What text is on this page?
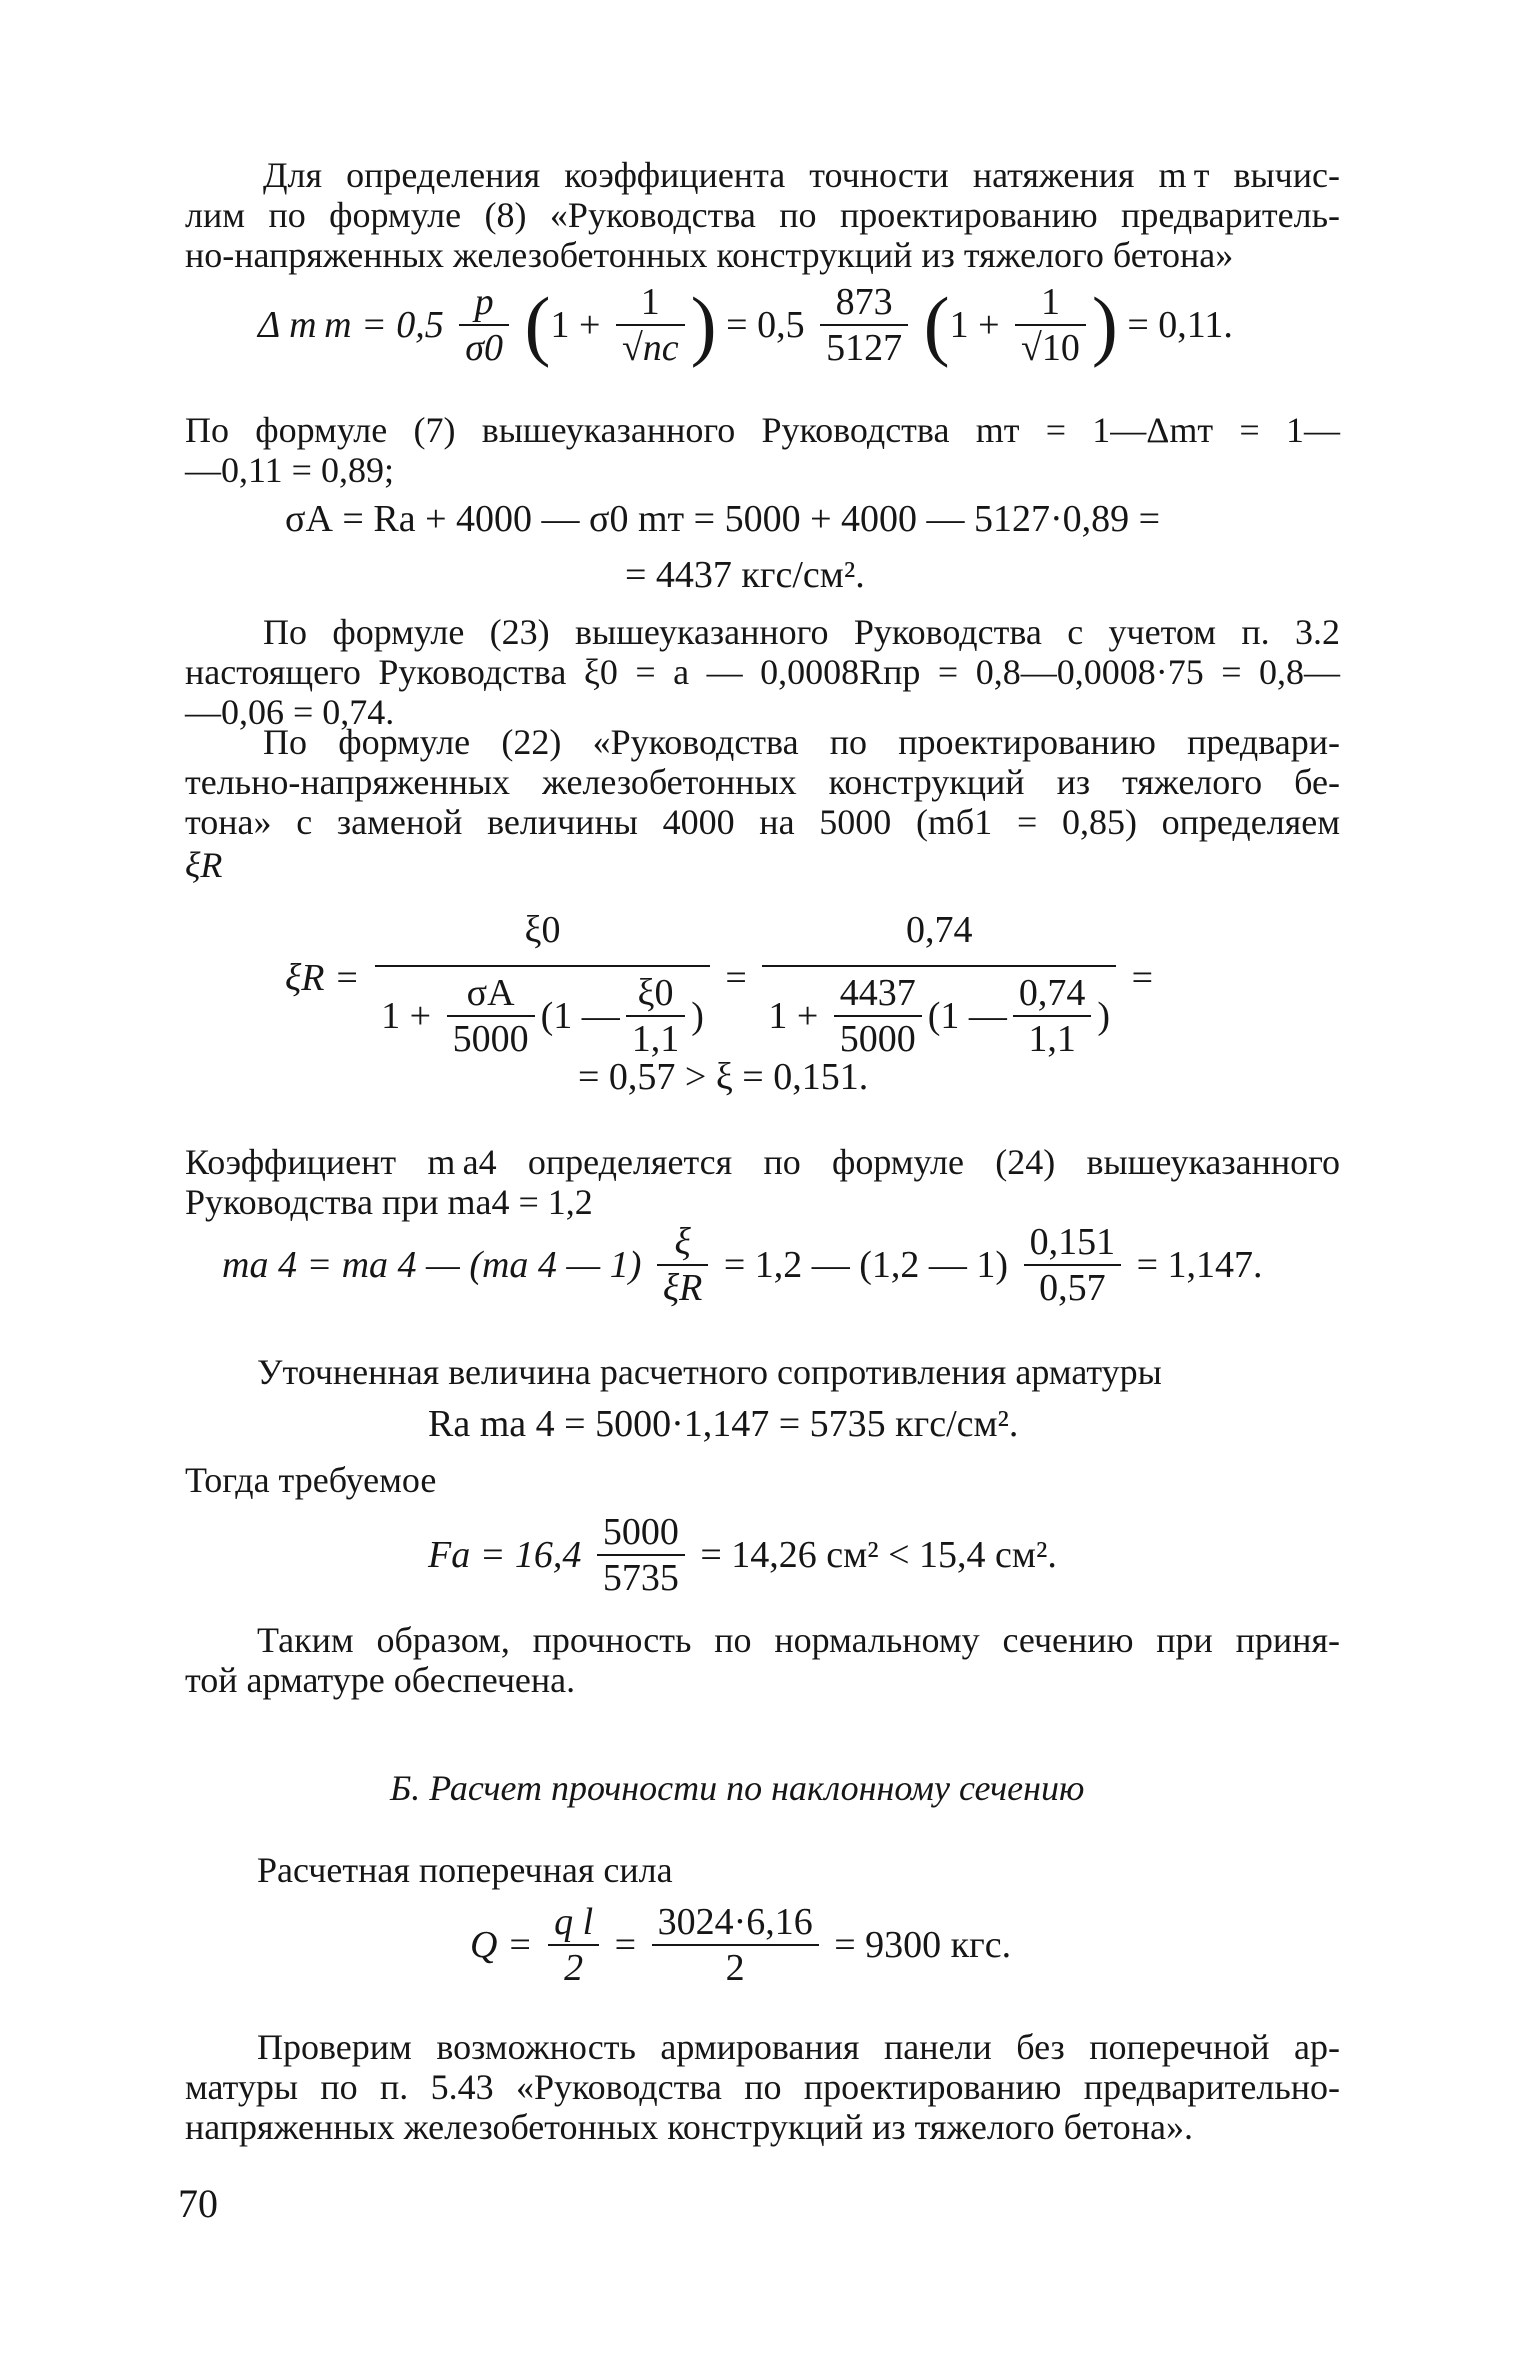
Для определения коэффициента точности натяжения m т вычис-
лим по формуле (8) «Руководства по проектированию предваритель-
но-напряженных железобетонных конструкций из тяжелого бетона»
Δ m $т = 0,5 \frac{p}{\sigma 0} (1 + \frac{1}{√nс}$ ) = $0,5 \frac{873}{5127} (1 + \frac{1}{√10}$ ) = 0,11.
По формуле (7) вышеуказанного Руководства mт = 1—Δmт = 1—
—0,11 = 0,89;
σА = Rа + 4000 — σ0 mт = 5000 + 4000 — 5127·0,89 =
= 4437 кгс/см².
По формуле (23) вышеуказанного Руководства с учетом п. 3.2
настоящего Руководства ξ0 = a — 0,0008Rпр = 0,8—0,0008·75 = 0,8—
—0,06 = 0,74.
По формуле (22) «Руководства по проектированию предвари-
тельно-напряженных железобетонных конструкций из тяжелого бе-
тона» с заменой величины 4000 на 5000 (mб1 = 0,85) определяем
ξR
$\xi R = \frac{\xi 0}{1 + \frac{\sigma А}{5000} (1 — \frac{\xi 0}{1,1} )} = \frac{0,74}{1 + \frac{4437}{5000} (1 — \frac{0,74}{1,1} )}$ =
= 0,57 > ξ = 0,151.
Коэффициент m а4 определяется по формуле (24) вышеуказанного
Руководства при mа4 = 1,2
mа 4 = mа 4 — (mа 4 — $1) \frac{\xi}{\xi R} = 1,2$ — (1,2 — $1) \frac{0,151}{0,57} = 1,147$.
Уточненная величина расчетного сопротивления арматуры
Rа mа 4 = 5000·1,147 = 5735 кгс/см².
Тогда требуемое
Fа = $16,4 \frac{5000}{5735} = 14,26$ см² < 15,4 см².
Таким образом, прочность по нормальному сечению при приня-
той арматуре обеспечена.
Б. Расчет прочности по наклонному сечению
Расчетная поперечная сила
$Q = \frac{\text{q l}}{2} = \frac{3024\cdot 6,16}{2} = 9300$ кгс.
Проверим возможность армирования панели без поперечной ар-
матуры по п. 5.43 «Руководства по проектированию предварительно-
напряженных железобетонных конструкций из тяжелого бетона».
70
